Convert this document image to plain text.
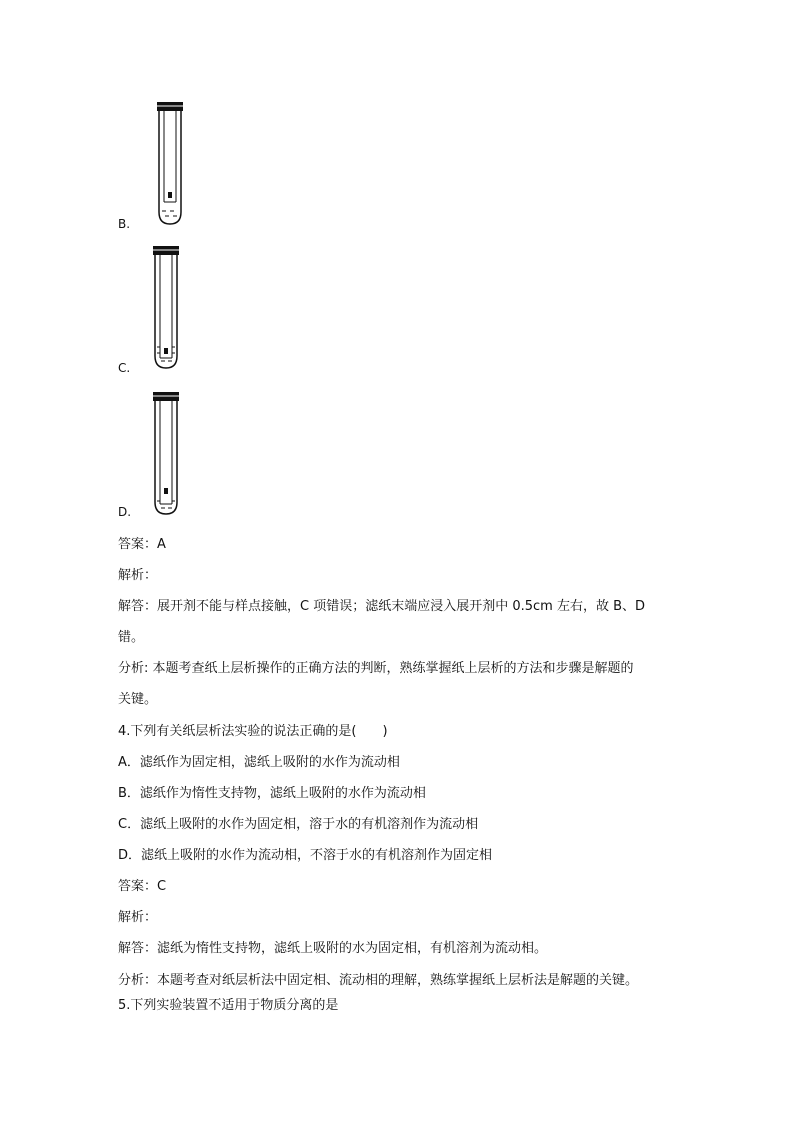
B.
C.
D.
答案：A
解析：
解答：展开剂不能与样点接触，C 项错误；滤纸末端应浸入展开剂中 0.5cm 左右，故 B、D
错。
分析: 本题考查纸上层析操作的正确方法的判断，熟练掌握纸上层析的方法和步骤是解题的
关键。
4.下列有关纸层析法实验的说法正确的是(　　)
A．滤纸作为固定相，滤纸上吸附的水作为流动相
B．滤纸作为惰性支持物，滤纸上吸附的水作为流动相
C．滤纸上吸附的水作为固定相，溶于水的有机溶剂作为流动相
D．滤纸上吸附的水作为流动相，不溶于水的有机溶剂作为固定相
答案：C
解析：
解答：滤纸为惰性支持物，滤纸上吸附的水为固定相，有机溶剂为流动相。
分析：本题考查对纸层析法中固定相、流动相的理解，熟练掌握纸上层析法是解题的关键。
5.下列实验装置不适用于物质分离的是
